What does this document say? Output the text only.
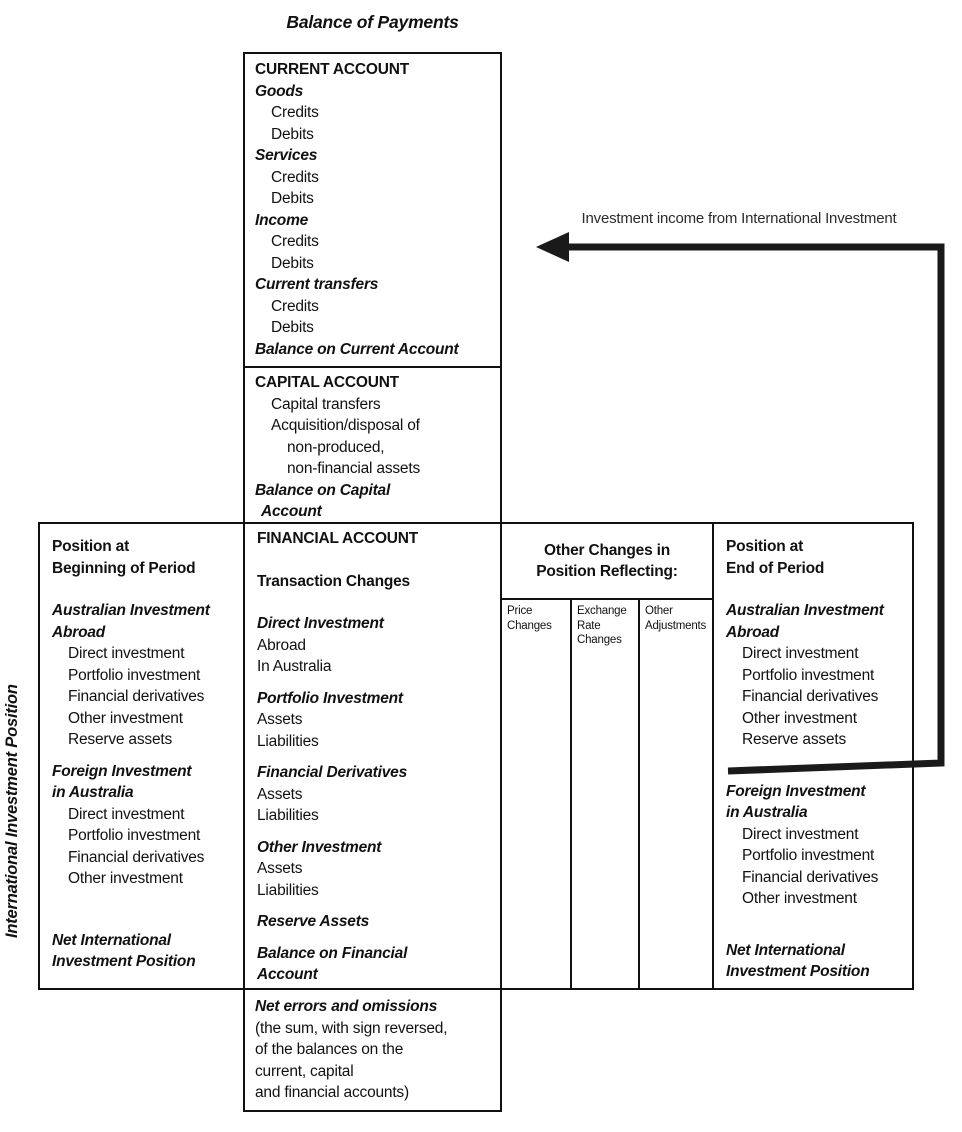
Balance of Payments
International Investment Position
CURRENT ACCOUNT
Goods
Credits
Debits
Services
Credits
Debits
Income
Credits
Debits
Current transfers
Credits
Debits
Balance on Current Account
CAPITAL ACCOUNT
Capital transfers
Acquisition/disposal of
non-produced,
non-financial assets
Balance on Capital
Account
Position at
Beginning of Period
Australian Investment
Abroad
Direct investment
Portfolio investment
Financial derivatives
Other investment
Reserve assets
Foreign Investment
in Australia
Direct investment
Portfolio investment
Financial derivatives
Other investment
Net International
Investment Position
FINANCIAL ACCOUNT
Transaction Changes
Direct Investment
Abroad
In Australia
Portfolio Investment
Assets
Liabilities
Financial Derivatives
Assets
Liabilities
Other Investment
Assets
Liabilities
Reserve Assets
Balance on Financial
Account
Other Changes in
Position Reflecting:
Price Changes
Exchange Rate Changes
Other Adjustments
Position at
End of Period
Australian Investment
Abroad
Direct investment
Portfolio investment
Financial derivatives
Other investment
Reserve assets
Foreign Investment
in Australia
Direct investment
Portfolio investment
Financial derivatives
Other investment
Net International
Investment Position
Net errors and omissions
(the sum, with sign reversed,
of the balances on the
current, capital
and financial accounts)
Investment income from International Investment
